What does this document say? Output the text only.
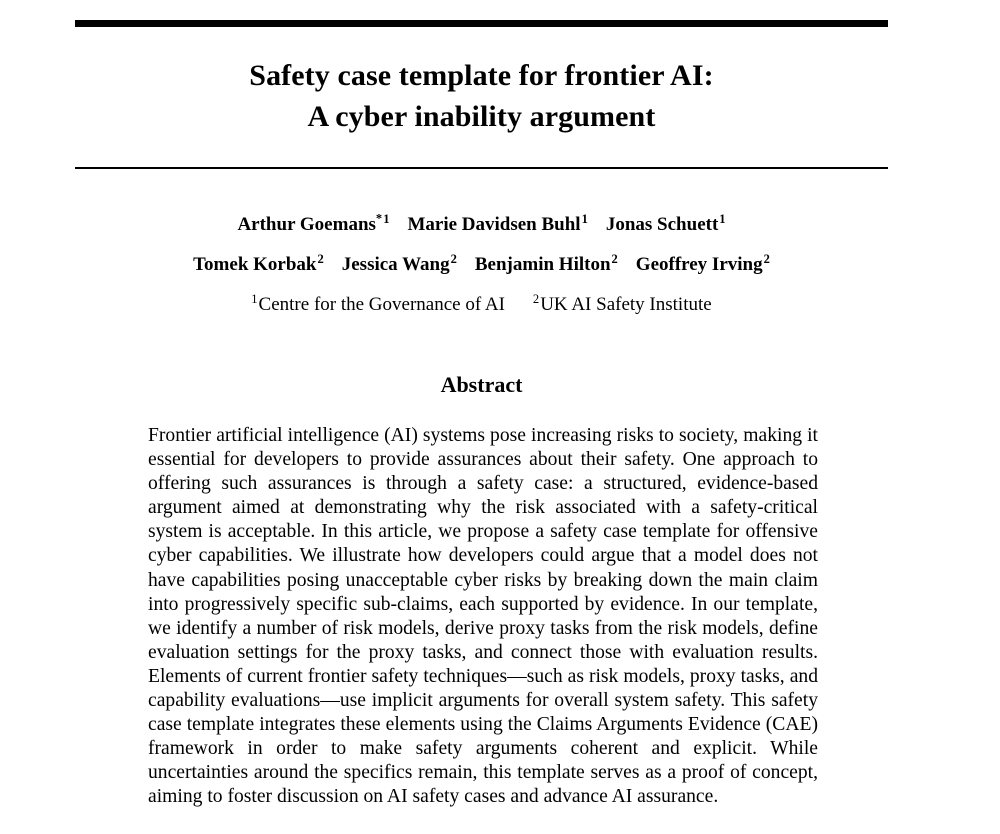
Safety case template for frontier AI:
A cyber inability argument
Arthur Goemans$^{*1}$ Marie Davidsen Buhl$^1$ Jonas Schuett$^1$
Tomek Korbak$^2$ Jessica Wang$^2$ Benjamin Hilton$^2$ Geoffrey Irving$^2$
$^1$Centre for the Governance of AI $^2$UK AI Safety Institute
Abstract
Frontier artificial intelligence (AI) systems pose increasing risks to society, making it essential for developers to provide assurances about their safety. One approach to offering such assurances is through a safety case: a structured, evidence-based argument aimed at demonstrating why the risk associated with a safety-critical system is acceptable. In this article, we propose a safety case template for offensive cyber capabilities. We illustrate how developers could argue that a model does not have capabilities posing unacceptable cyber risks by breaking down the main claim into progressively specific sub-claims, each supported by evidence. In our template, we identify a number of risk models, derive proxy tasks from the risk models, define evaluation settings for the proxy tasks, and connect those with evaluation results. Elements of current frontier safety techniques—such as risk models, proxy tasks, and capability evaluations—use implicit arguments for overall system safety. This safety case template integrates these elements using the Claims Arguments Evidence (CAE) framework in order to make safety arguments coherent and explicit. While uncertainties around the specifics remain, this template serves as a proof of concept, aiming to foster discussion on AI safety cases and advance AI assurance.
